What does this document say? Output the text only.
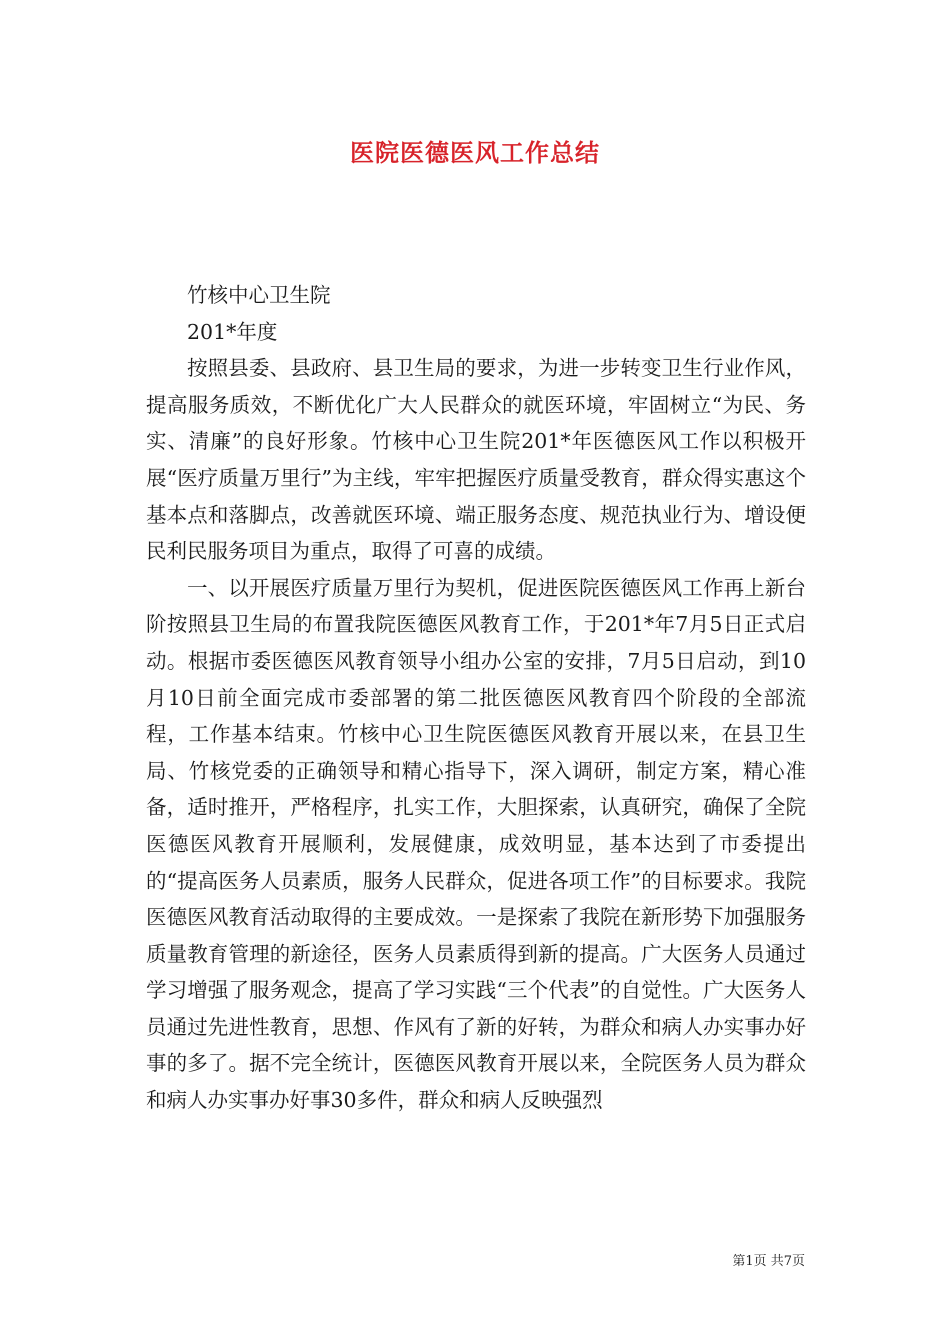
医院医德医风工作总结

竹核中心卫生院

201*年度

按照县委、县政府、县卫生局的要求，为进一步转变卫生行业作风，提高服务质效，不断优化广大人民群众的就医环境，牢固树立“为民、务实、清廉”的良好形象。竹核中心卫生院201*年医德医风工作以积极开展“医疗质量万里行”为主线，牢牢把握医疗质量受教育，群众得实惠这个基本点和落脚点，改善就医环境、端正服务态度、规范执业行为、增设便民利民服务项目为重点，取得了可喜的成绩。

一、以开展医疗质量万里行为契机，促进医院医德医风工作再上新台阶按照县卫生局的布置我院医德医风教育工作，于201*年7月5日正式启动。根据市委医德医风教育领导小组办公室的安排，7月5日启动，到10月10日前全面完成市委部署的第二批医德医风教育四个阶段的全部流程，工作基本结束。竹核中心卫生院医德医风教育开展以来，在县卫生局、竹核党委的正确领导和精心指导下，深入调研，制定方案，精心准备，适时推开，严格程序，扎实工作，大胆探索，认真研究，确保了全院医德医风教育开展顺利，发展健康，成效明显，基本达到了市委提出的“提高医务人员素质，服务人民群众，促进各项工作”的目标要求。我院医德医风教育活动取得的主要成效。一是探索了我院在新形势下加强服务质量教育管理的新途径，医务人员素质得到新的提高。广大医务人员通过学习增强了服务观念，提高了学习实践“三个代表”的自觉性。广大医务人员通过先进性教育，思想、作风有了新的好转，为群众和病人办实事办好事的多了。据不完全统计，医德医风教育开展以来，全院医务人员为群众和病人办实事办好事30多件，群众和病人反映强烈

第1页 共7页
